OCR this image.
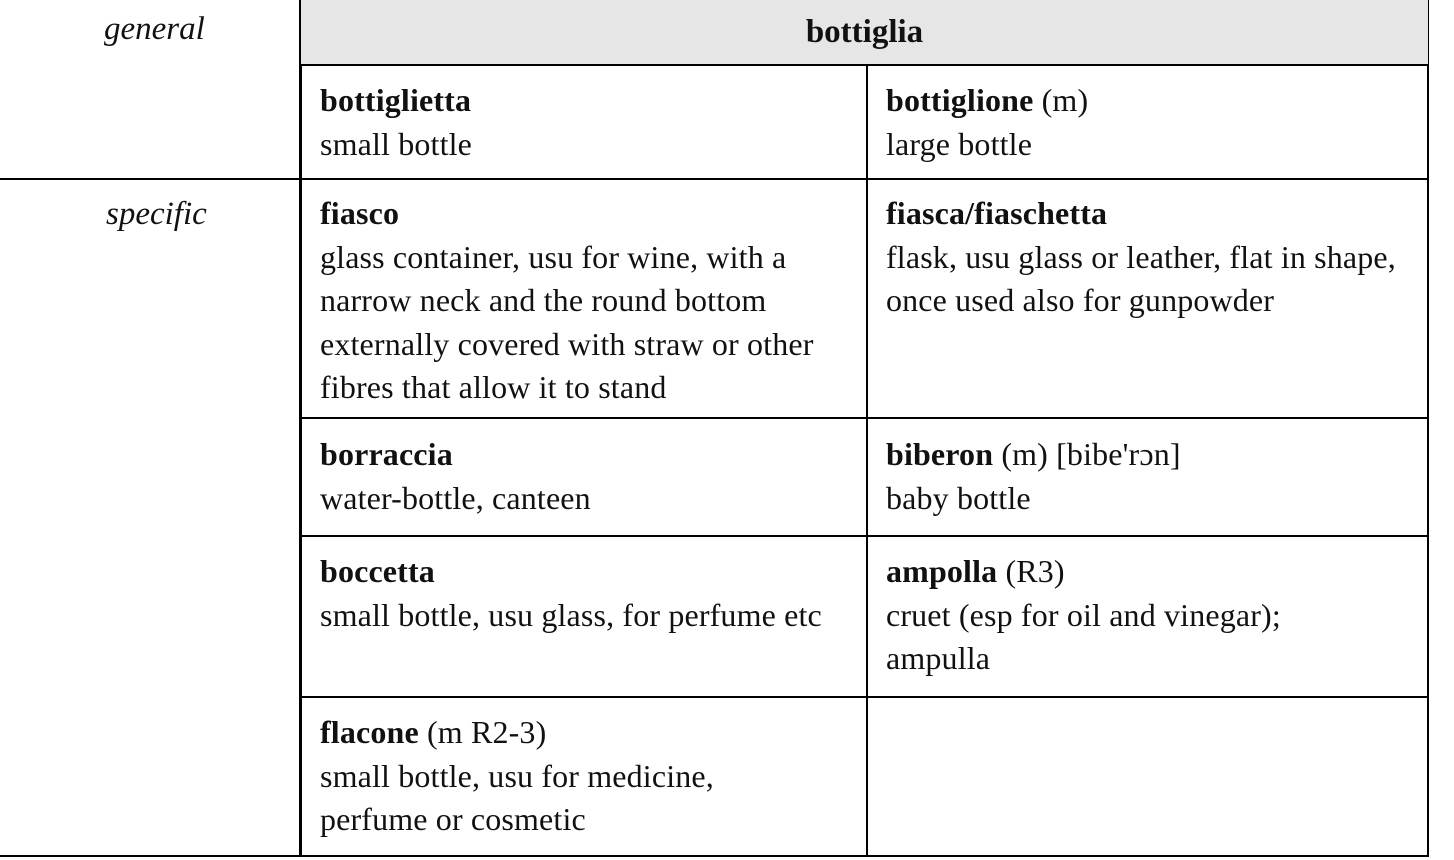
general
specific
bottiglia
bottiglietta
small bottle
bottiglione (m)
large bottle
fiasco
glass container, usu for wine, with a narrow neck and the round bottom externally covered with straw or other fibres that allow it to stand
fiasca/fiaschetta
flask, usu glass or leather, flat in shape, once used also for gunpowder
borraccia
water-bottle, canteen
biberon (m) [bibe'rɔn]
baby bottle
boccetta
small bottle, usu glass, for perfume etc
ampolla (R3)
cruet (esp for oil and vinegar); ampulla
flacone (m R2-3)
small bottle, usu for medicine, perfume or cosmetic
